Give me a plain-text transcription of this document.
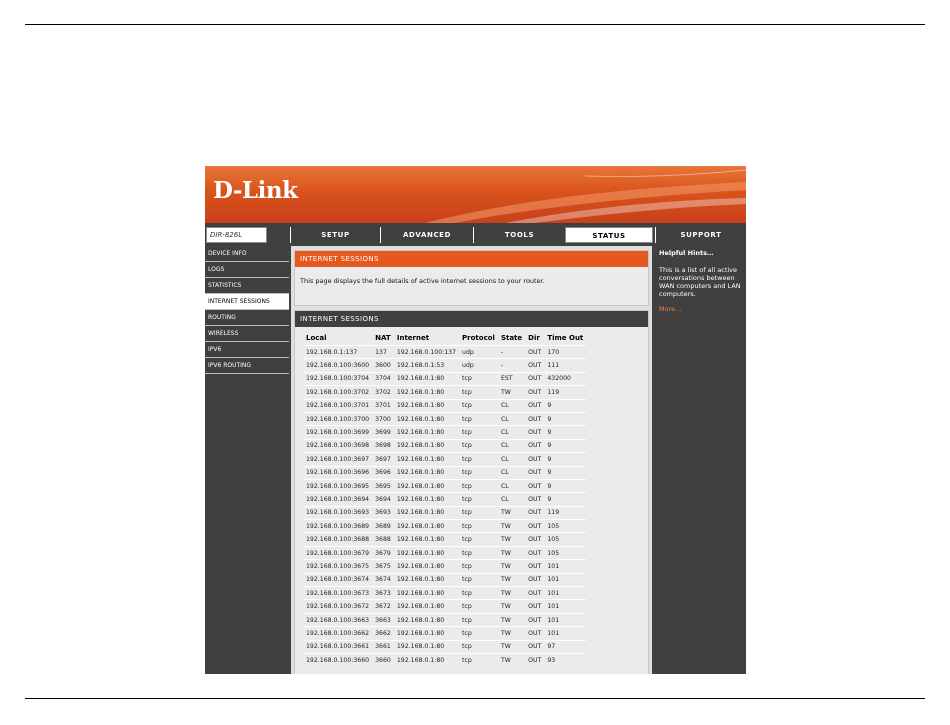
D-Link
DIR-826L //	SETUP	ADVANCED	TOOLS	STATUS	SUPPORT
DEVICE INFO
LOGS
STATISTICS
INTERNET SESSIONS
ROUTING
WIRELESS
IPV6
IPV6 ROUTING
INTERNET SESSIONS
This page displays the full details of active internet sessions to your router.
INTERNET SESSIONS
Local	NAT	Internet	Protocol	State	Dir	Time Out
192.168.0.1:137	137	192.168.0.100:137	udp	-	OUT	170
192.168.0.100:3600	3600	192.168.0.1:53	udp	-	OUT	111
192.168.0.100:3704	3704	192.168.0.1:80	tcp	EST	OUT	432000
192.168.0.100:3702	3702	192.168.0.1:80	tcp	TW	OUT	119
192.168.0.100:3701	3701	192.168.0.1:80	tcp	CL	OUT	9
192.168.0.100:3700	3700	192.168.0.1:80	tcp	CL	OUT	9
192.168.0.100:3699	3699	192.168.0.1:80	tcp	CL	OUT	9
192.168.0.100:3698	3698	192.168.0.1:80	tcp	CL	OUT	9
192.168.0.100:3697	3697	192.168.0.1:80	tcp	CL	OUT	9
192.168.0.100:3696	3696	192.168.0.1:80	tcp	CL	OUT	9
192.168.0.100:3695	3695	192.168.0.1:80	tcp	CL	OUT	9
192.168.0.100:3694	3694	192.168.0.1:80	tcp	CL	OUT	9
192.168.0.100:3693	3693	192.168.0.1:80	tcp	TW	OUT	119
192.168.0.100:3689	3689	192.168.0.1:80	tcp	TW	OUT	105
192.168.0.100:3688	3688	192.168.0.1:80	tcp	TW	OUT	105
192.168.0.100:3679	3679	192.168.0.1:80	tcp	TW	OUT	105
192.168.0.100:3675	3675	192.168.0.1:80	tcp	TW	OUT	101
192.168.0.100:3674	3674	192.168.0.1:80	tcp	TW	OUT	101
192.168.0.100:3673	3673	192.168.0.1:80	tcp	TW	OUT	101
192.168.0.100:3672	3672	192.168.0.1:80	tcp	TW	OUT	101
192.168.0.100:3663	3663	192.168.0.1:80	tcp	TW	OUT	101
192.168.0.100:3662	3662	192.168.0.1:80	tcp	TW	OUT	101
192.168.0.100:3661	3661	192.168.0.1:80	tcp	TW	OUT	97
192.168.0.100:3660	3660	192.168.0.1:80	tcp	TW	OUT	93
Helpful Hints…
This is a list of all active conversations between WAN computers and LAN computers.
More…
